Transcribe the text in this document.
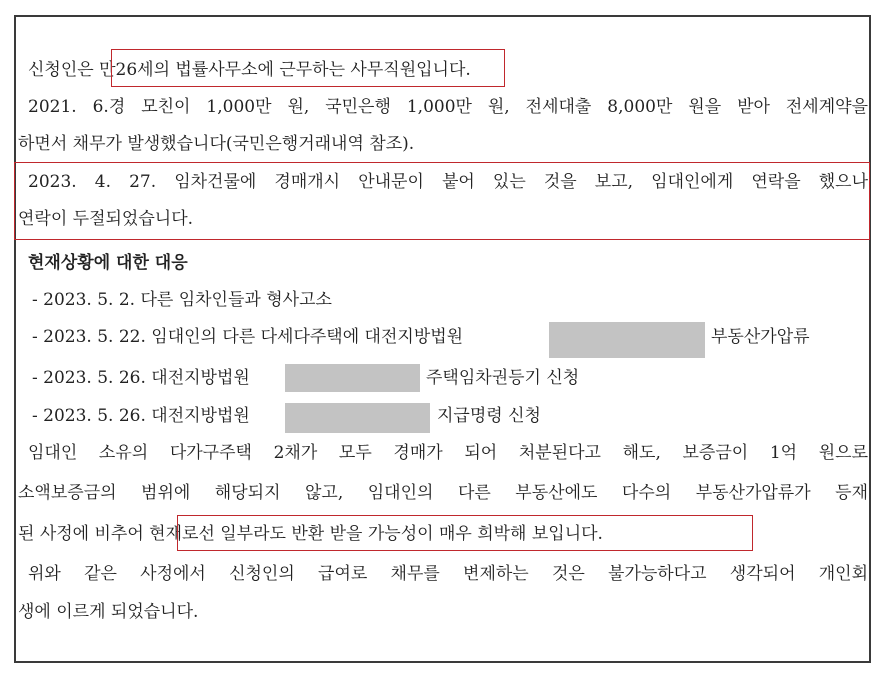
신청인은 만26세의 법률사무소에 근무하는 사무직원입니다.
2021. 6.경 모친이 1,000만 원, 국민은행 1,000만 원, 전세대출 8,000만 원을 받아 전세계약을
하면서 채무가 발생했습니다(국민은행거래내역 참조).
2023. 4. 27. 임차건물에 경매개시 안내문이 붙어 있는 것을 보고, 임대인에게 연락을 했으나
연락이 두절되었습니다.
현재상황에 대한 대응
- 2023. 5. 2. 다른 임차인들과 형사고소
- 2023. 5. 22. 임대인의 다른 다세다주택에 대전지방법원	부동산가압류
- 2023. 5. 26. 대전지방법원	주택임차권등기 신청
- 2023. 5. 26. 대전지방법원	지급명령 신청
임대인 소유의 다가구주택 2채가 모두 경매가 되어 처분된다고 해도, 보증금이 1억 원으로
소액보증금의 범위에 해당되지 않고, 임대인의 다른 부동산에도 다수의 부동산가압류가 등재
된 사정에 비추어 현재로선 일부라도 반환 받을 가능성이 매우 희박해 보입니다.
위와 같은 사정에서 신청인의 급여로 채무를 변제하는 것은 불가능하다고 생각되어 개인회
생에 이르게 되었습니다.
